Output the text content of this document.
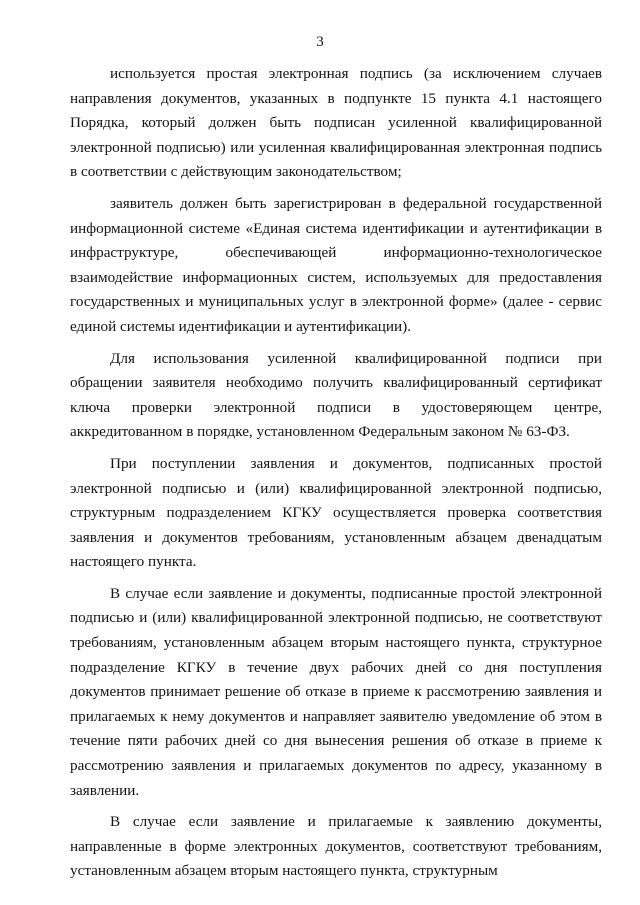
3

используется простая электронная подпись (за исключением случаев направления документов, указанных в подпункте 15 пункта 4.1 настоящего Порядка, который должен быть подписан усиленной квалифицированной электронной подписью) или усиленная квалифицированная электронная подпись в соответствии с действующим законодательством;

заявитель должен быть зарегистрирован в федеральной государственной информационной системе «Единая система идентификации и аутентификации в инфраструктуре, обеспечивающей информационно-технологическое взаимодействие информационных систем, используемых для предоставления государственных и муниципальных услуг в электронной форме» (далее - сервис единой системы идентификации и аутентификации).

Для использования усиленной квалифицированной подписи при обращении заявителя необходимо получить квалифицированный сертификат ключа проверки электронной подписи в удостоверяющем центре, аккредитованном в порядке, установленном Федеральным законом № 63-ФЗ.

При поступлении заявления и документов, подписанных простой электронной подписью и (или) квалифицированной электронной подписью, структурным подразделением КГКУ осуществляется проверка соответствия заявления и документов требованиям, установленным абзацем двенадцатым настоящего пункта.

В случае если заявление и документы, подписанные простой электронной подписью и (или) квалифицированной электронной подписью, не соответствуют требованиям, установленным абзацем вторым настоящего пункта, структурное подразделение КГКУ в течение двух рабочих дней со дня поступления документов принимает решение об отказе в приеме к рассмотрению заявления и прилагаемых к нему документов и направляет заявителю уведомление об этом в течение пяти рабочих дней со дня вынесения решения об отказе в приеме к рассмотрению заявления и прилагаемых документов по адресу, указанному в заявлении.

В случае если заявление и прилагаемые к заявлению документы, направленные в форме электронных документов, соответствуют требованиям, установленным абзацем вторым настоящего пункта, структурным
